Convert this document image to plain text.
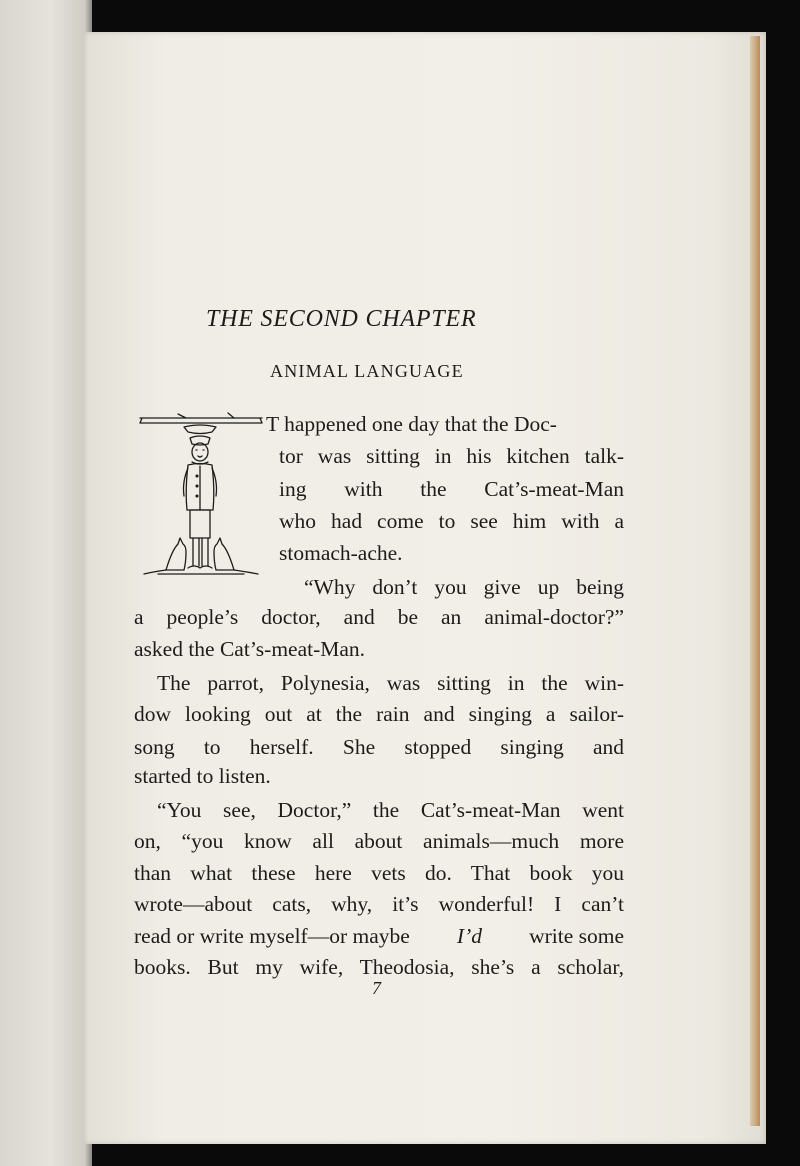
THE SECOND CHAPTER
ANIMAL LANGUAGE
T happened one day that the Doc-
tor was sitting in his kitchen talk-
ing with the Cat’s-meat-Man
who had come to see him with a
stomach-ache.
“Why don’t you give up being
a people’s doctor, and be an animal-doctor?”
asked the Cat’s-meat-Man.
The parrot, Polynesia, was sitting in the win-
dow looking out at the rain and singing a sailor-
song to herself. She stopped singing and
started to listen.
“You see, Doctor,” the Cat’s-meat-Man went
on, “you know all about animals—much more
than what these here vets do. That book you
wrote—about cats, why, it’s wonderful! I can’t
read or write myself—or maybe I’d write some
books. But my wife, Theodosia, she’s a scholar,
7
